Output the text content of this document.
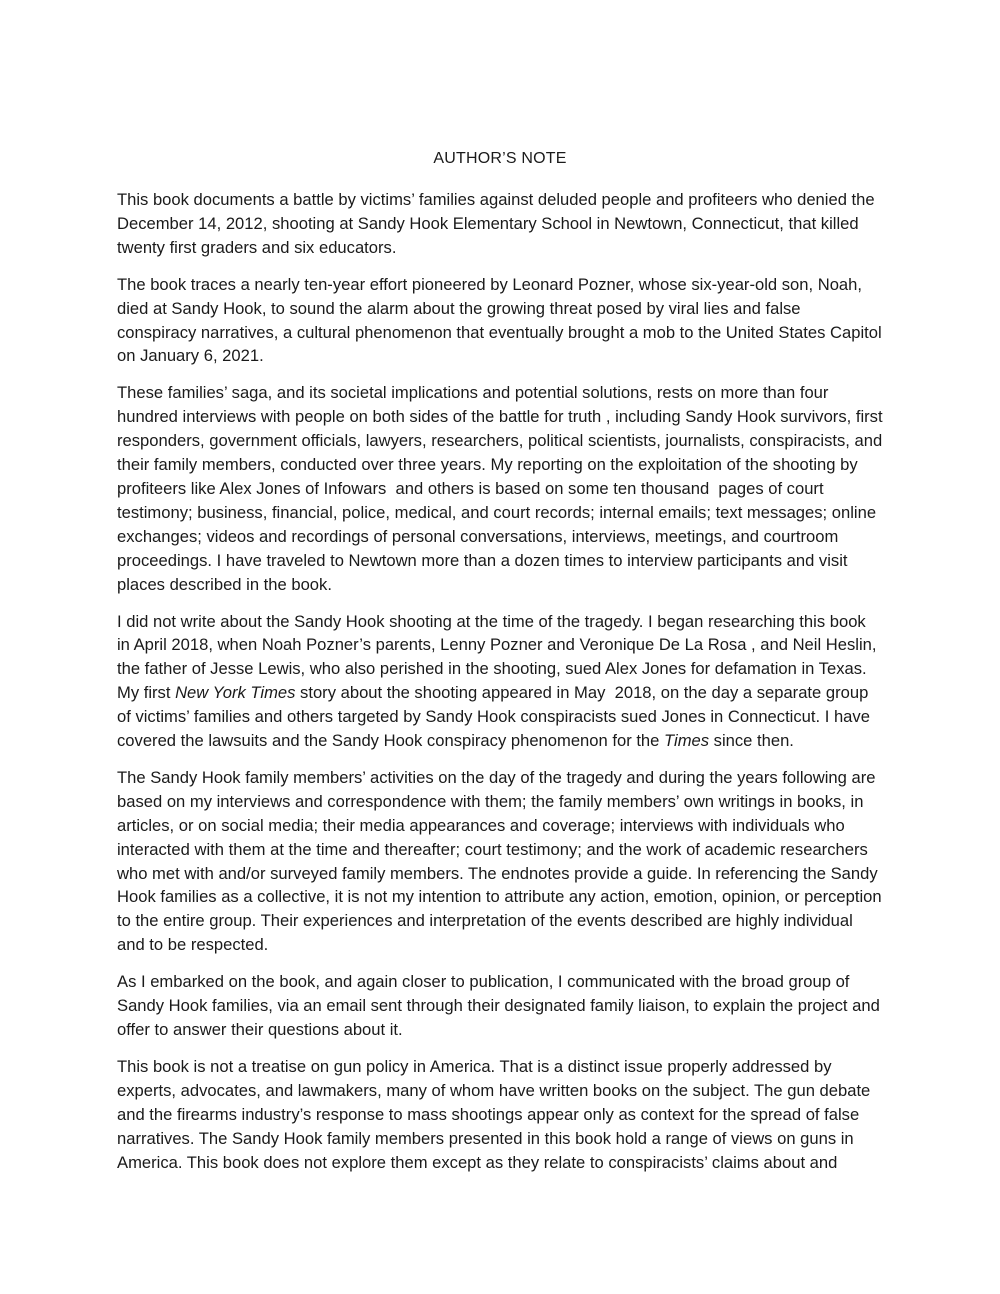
AUTHOR’S NOTE

This book documents a battle by victims’ families against deluded people and profiteers who denied the December 14, 2012, shooting at Sandy Hook Elementary School in Newtown, Connecticut, that killed twenty first graders and six educators.

The book traces a nearly ten-year effort pioneered by Leonard Pozner, whose six-year-old son, Noah, died at Sandy Hook, to sound the alarm about the growing threat posed by viral lies and false conspiracy narratives, a cultural phenomenon that eventually brought a mob to the United States Capitol on January 6, 2021.

These families’ saga, and its societal implications and potential solutions, rests on more than four hundred interviews with people on both sides of the battle for truth , including Sandy Hook survivors, first responders, government officials, lawyers, researchers, political scientists, journalists, conspiracists, and their family members, conducted over three years. My reporting on the exploitation of the shooting by profiteers like Alex Jones of Infowars  and others is based on some ten thousand  pages of court testimony; business, financial, police, medical, and court records; internal emails; text messages; online exchanges; videos and recordings of personal conversations, interviews, meetings, and courtroom proceedings. I have traveled to Newtown more than a dozen times to interview participants and visit places described in the book.

I did not write about the Sandy Hook shooting at the time of the tragedy. I began researching this book in April 2018, when Noah Pozner’s parents, Lenny Pozner and Veronique De La Rosa , and Neil Heslin, the father of Jesse Lewis, who also perished in the shooting, sued Alex Jones for defamation in Texas. My first New York Times story about the shooting appeared in May  2018, on the day a separate group of victims’ families and others targeted by Sandy Hook conspiracists sued Jones in Connecticut. I have covered the lawsuits and the Sandy Hook conspiracy phenomenon for the Times since then.

The Sandy Hook family members’ activities on the day of the tragedy and during the years following are based on my interviews and correspondence with them; the family members’ own writings in books, in articles, or on social media; their media appearances and coverage; interviews with individuals who interacted with them at the time and thereafter; court testimony; and the work of academic researchers who met with and/or surveyed family members. The endnotes provide a guide. In referencing the Sandy Hook families as a collective, it is not my intention to attribute any action, emotion, opinion, or perception to the entire group. Their experiences and interpretation of the events described are highly individual and to be respected.

As I embarked on the book, and again closer to publication, I communicated with the broad group of Sandy Hook families, via an email sent through their designated family liaison, to explain the project and offer to answer their questions about it.

This book is not a treatise on gun policy in America. That is a distinct issue properly addressed by experts, advocates, and lawmakers, many of whom have written books on the subject. The gun debate and the firearms industry’s response to mass shootings appear only as context for the spread of false narratives. The Sandy Hook family members presented in this book hold a range of views on guns in America. This book does not explore them except as they relate to conspiracists’ claims about and
